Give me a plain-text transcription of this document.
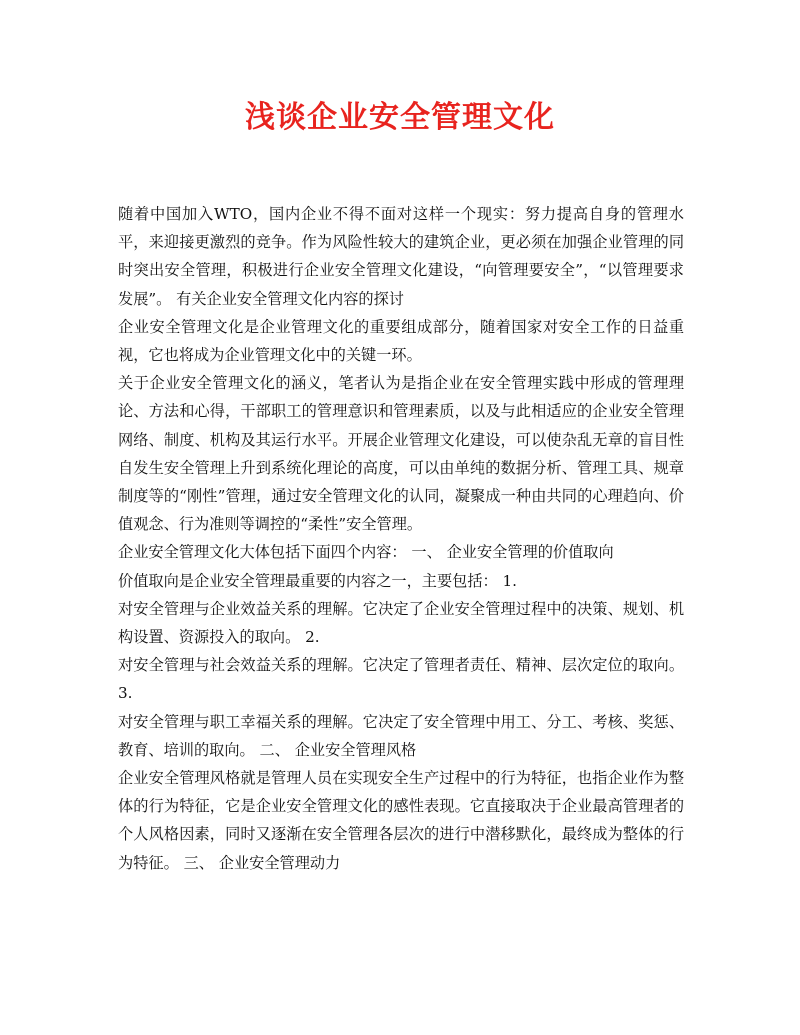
浅谈企业安全管理文化

随着中国加入WTO，国内企业不得不面对这样一个现实：努力提高自身的管理水平，来迎接更激烈的竞争。作为风险性较大的建筑企业，更必须在加强企业管理的同时突出安全管理，积极进行企业安全管理文化建设，“向管理要安全”，“以管理要求发展”。 有关企业安全管理文化内容的探讨

企业安全管理文化是企业管理文化的重要组成部分，随着国家对安全工作的日益重视，它也将成为企业管理文化中的关键一环。

关于企业安全管理文化的涵义，笔者认为是指企业在安全管理实践中形成的管理理论、方法和心得，干部职工的管理意识和管理素质，以及与此相适应的企业安全管理网络、制度、机构及其运行水平。开展企业管理文化建设，可以使杂乱无章的盲目性自发生安全管理上升到系统化理论的高度，可以由单纯的数据分析、管理工具、规章制度等的“刚性”管理，通过安全管理文化的认同，凝聚成一种由共同的心理趋向、价值观念、行为准则等调控的“柔性”安全管理。

企业安全管理文化大体包括下面四个内容： 一、 企业安全管理的价值取向

价值取向是企业安全管理最重要的内容之一，主要包括： 1.

对安全管理与企业效益关系的理解。它决定了企业安全管理过程中的决策、规划、机构设置、资源投入的取向。 2.

对安全管理与社会效益关系的理解。它决定了管理者责任、精神、层次定位的取向。 3.

对安全管理与职工幸福关系的理解。它决定了安全管理中用工、分工、考核、奖惩、教育、培训的取向。 二、 企业安全管理风格

企业安全管理风格就是管理人员在实现安全生产过程中的行为特征，也指企业作为整体的行为特征，它是企业安全管理文化的感性表现。它直接取决于企业最高管理者的个人风格因素，同时又逐渐在安全管理各层次的进行中潜移默化，最终成为整体的行为特征。 三、 企业安全管理动力
